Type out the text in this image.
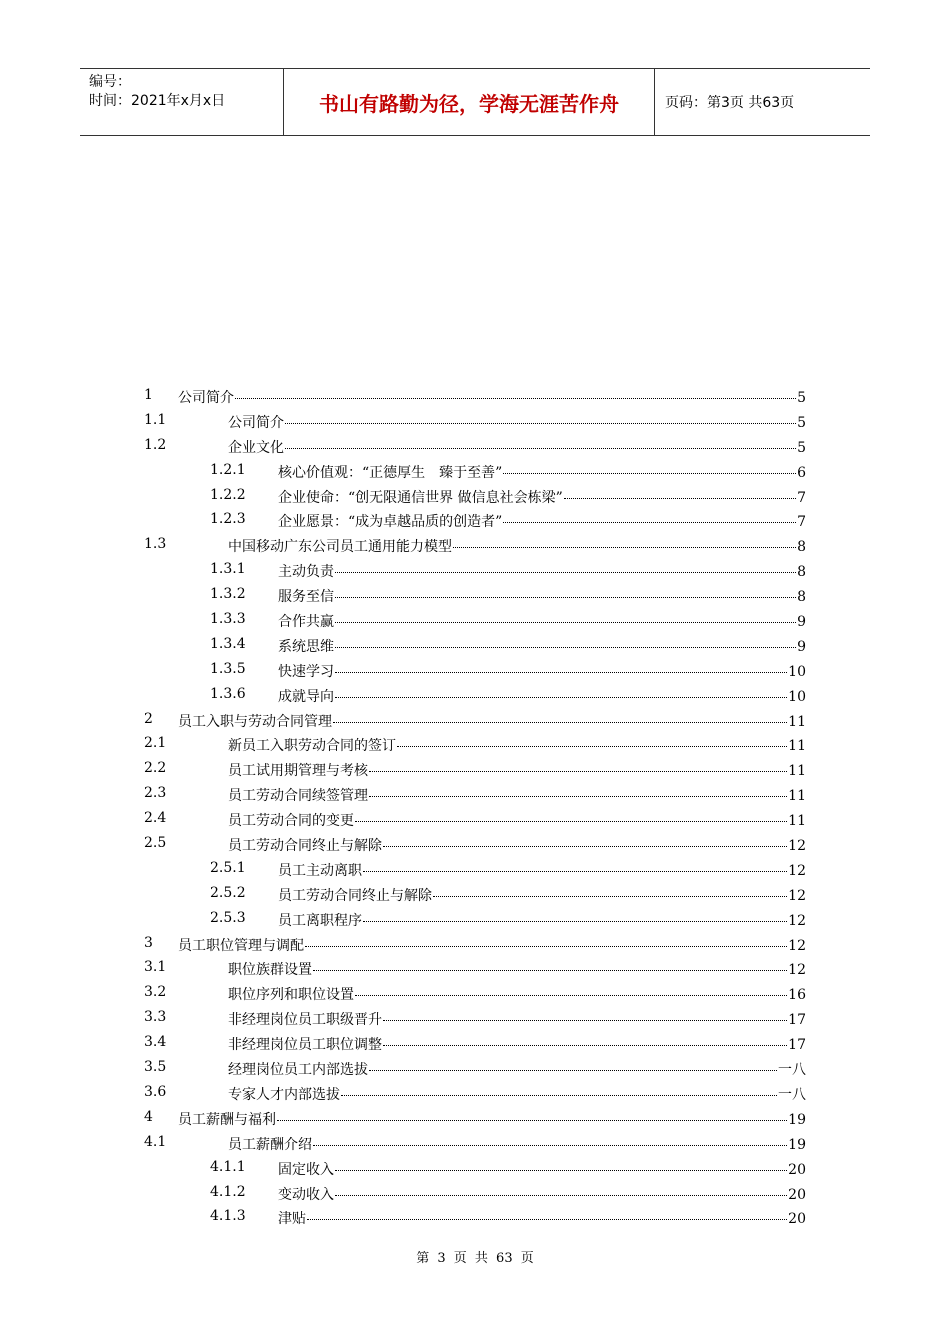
编号：
时间：2021年x月x日	书山有路勤为径，学海无涯苦作舟	页码：第3页 共63页
1 公司简介	5
1.1	公司简介	5
1.2	企业文化	5
1.2.1 核心价值观：“正德厚生　臻于至善”	6
1.2.2 企业使命：“创无限通信世界 做信息社会栋梁”	7
1.2.3 企业愿景：“成为卓越品质的创造者”	7
1.3	中国移动广东公司员工通用能力模型	8
1.3.1 主动负责	8
1.3.2 服务至信	8
1.3.3 合作共赢	9
1.3.4 系统思维	9
1.3.5 快速学习	10
1.3.6 成就导向	10
2 员工入职与劳动合同管理	11
2.1	新员工入职劳动合同的签订	11
2.2	员工试用期管理与考核	11
2.3	员工劳动合同续签管理	11
2.4	员工劳动合同的变更	11
2.5	员工劳动合同终止与解除	12
2.5.1 员工主动离职	12
2.5.2 员工劳动合同终止与解除	12
2.5.3 员工离职程序	12
3 员工职位管理与调配	12
3.1	职位族群设置	12
3.2	职位序列和职位设置	16
3.3	非经理岗位员工职级晋升	17
3.4	非经理岗位员工职位调整	17
3.5	经理岗位员工内部选拔	一八
3.6	专家人才内部选拔	一八
4 员工薪酬与福利	19
4.1	员工薪酬介绍	19
4.1.1 固定收入	20
4.1.2 变动收入	20
4.1.3 津贴	20
第 3 页 共 63 页
